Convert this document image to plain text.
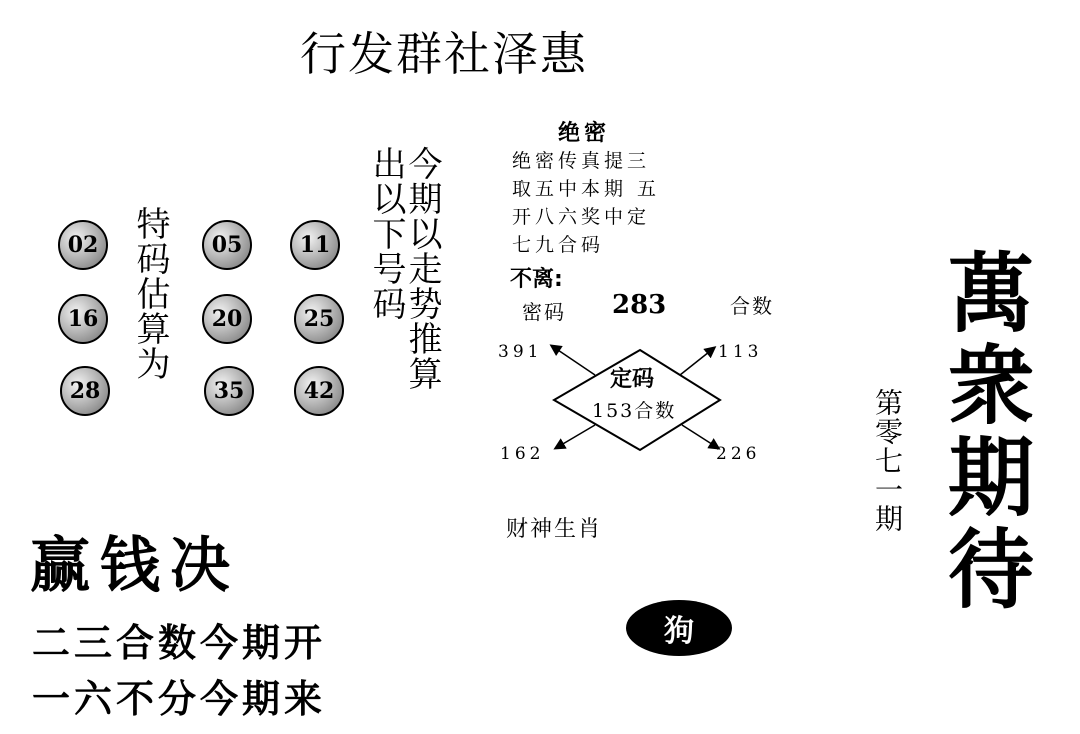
行发群社泽惠
02	05	11
16	20	25
28	35	42
特码估算为	今期以走势推算
出以下号码
绝密
绝密传真提三
取五中本期 五
开八六奖中定
七九合码
不离:
密码 283	合数
定码
153合数
391	113
162	226
财神生肖
狗
赢钱决
二三合数今期开
一六不分今期来
萬衆期待
第零七一期
